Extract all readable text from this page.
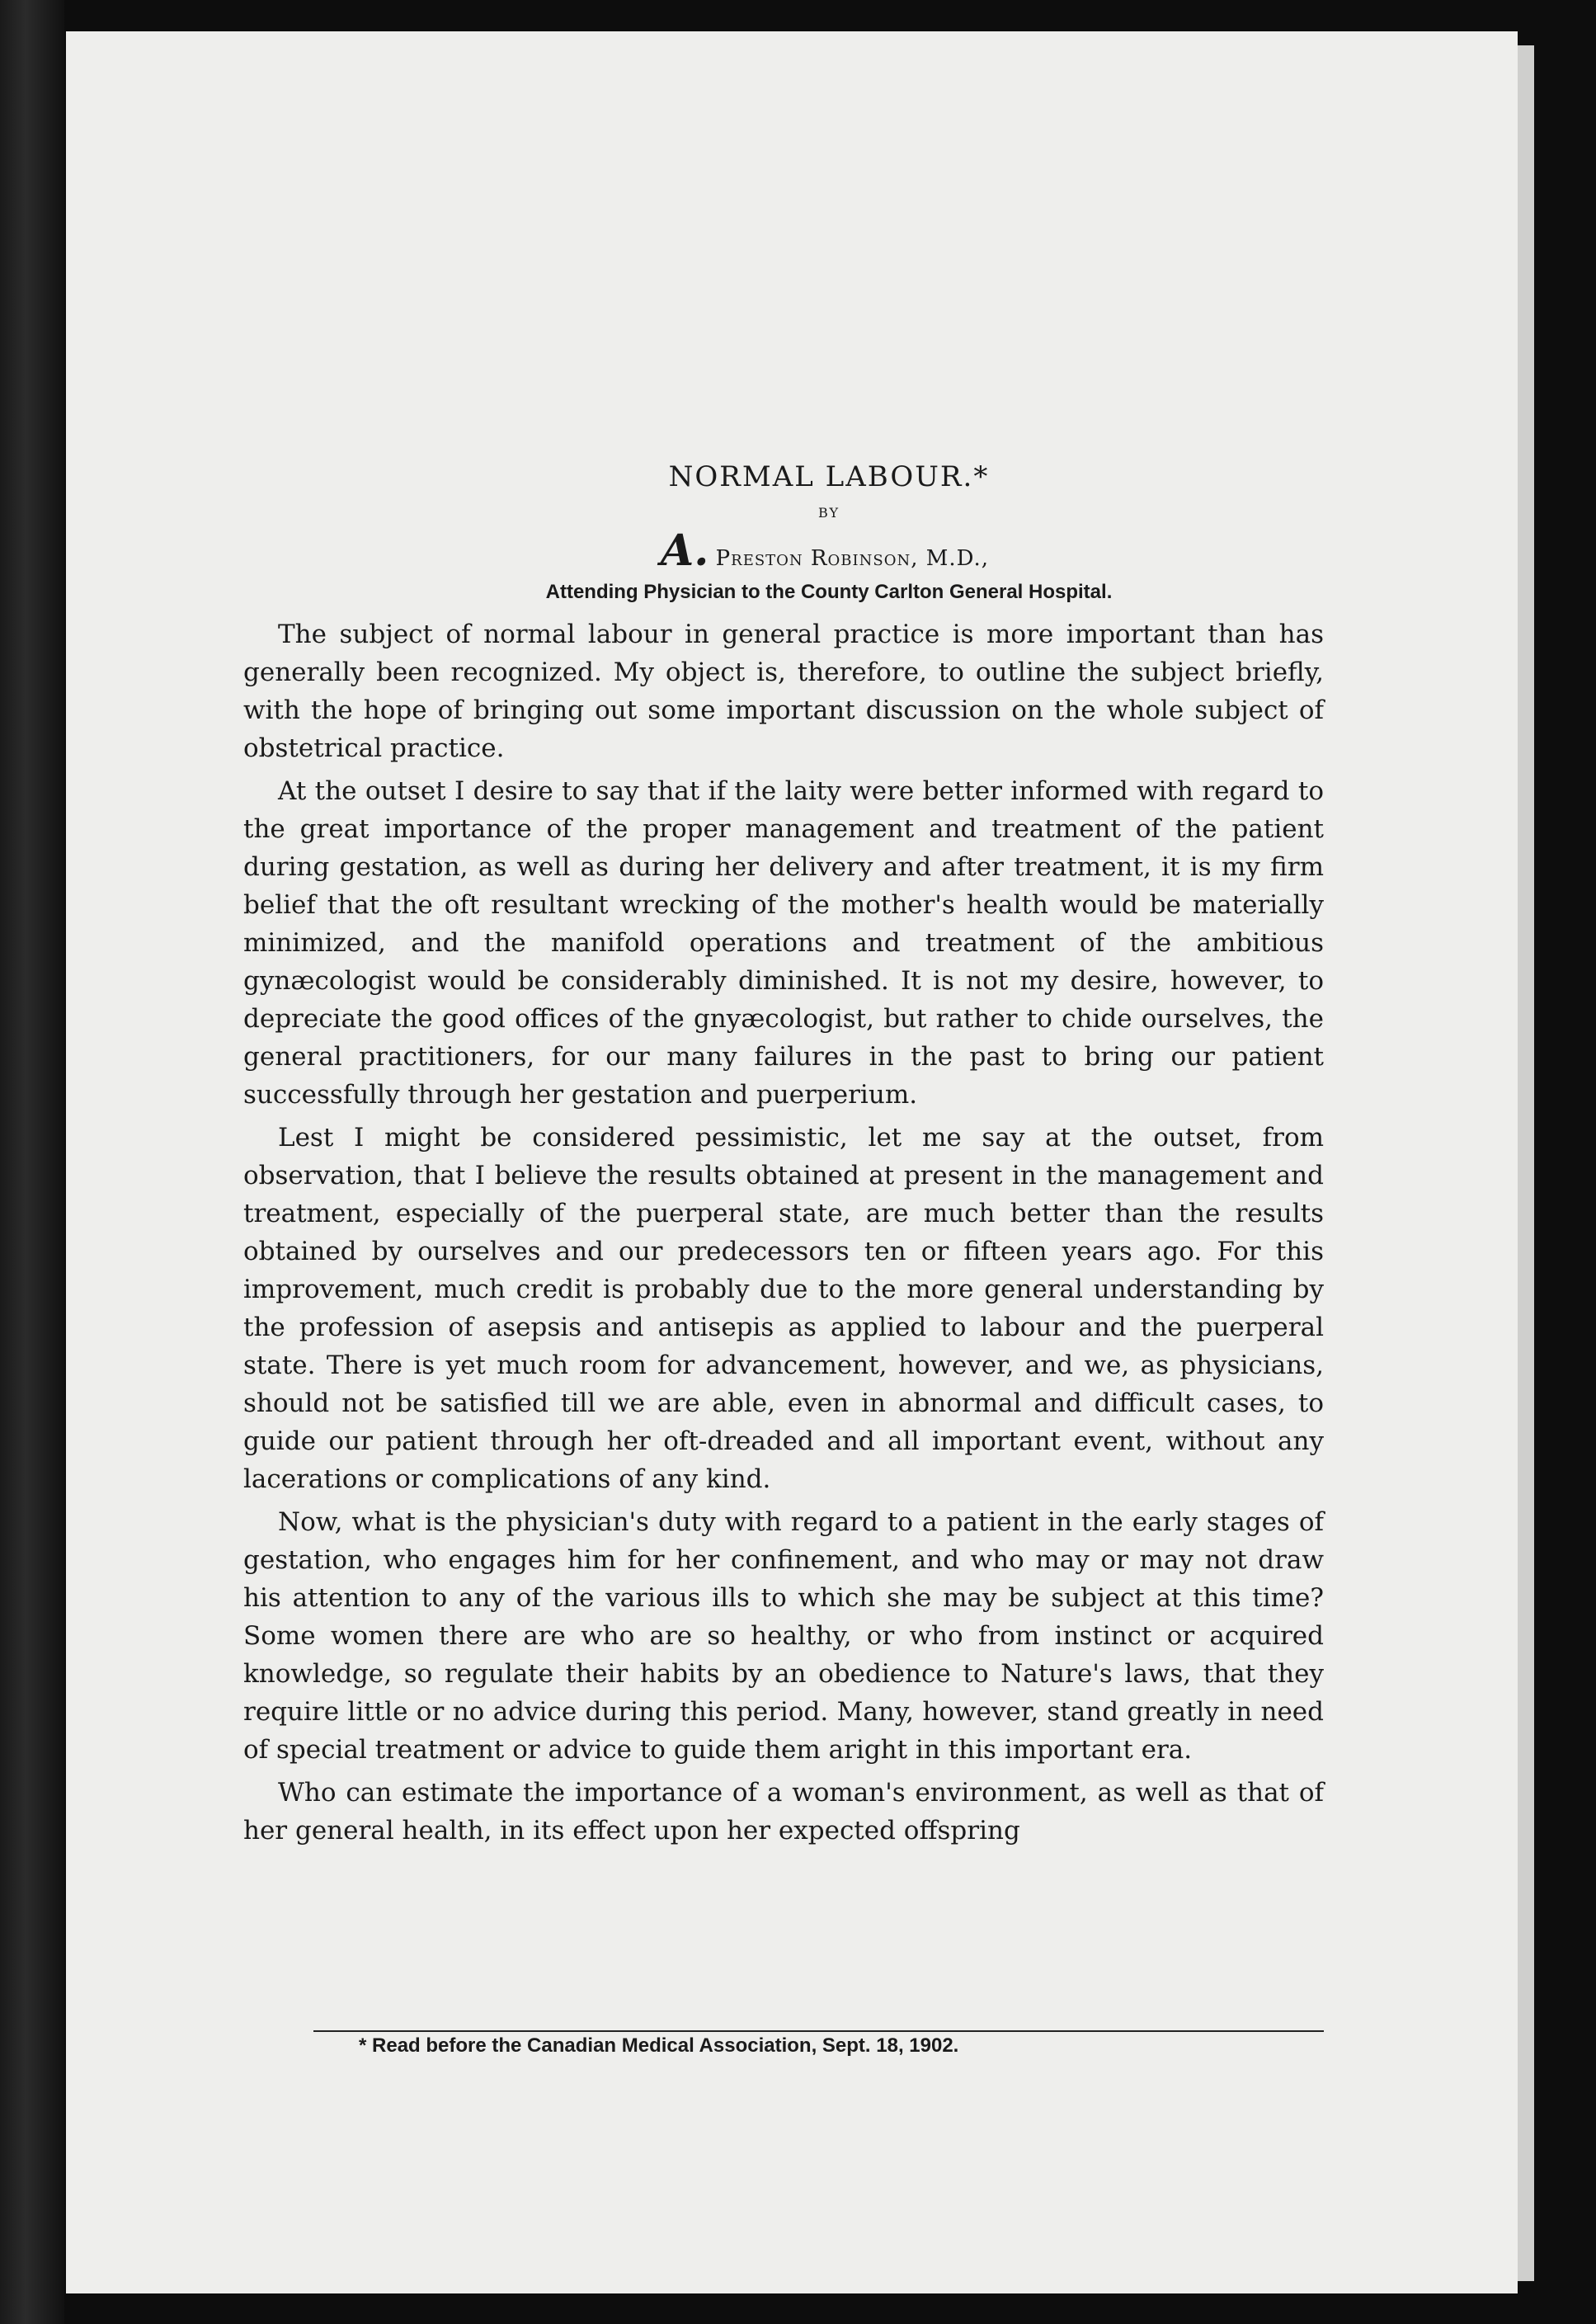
NORMAL LABOUR.*
BY
A. Preston Robinson, M.D.,
Attending Physician to the County Carlton General Hospital.

The subject of normal labour in general practice is more important than has generally been recognized. My object is, therefore, to outline the subject briefly, with the hope of bringing out some important discussion on the whole subject of obstetrical practice.

At the outset I desire to say that if the laity were better informed with regard to the great importance of the proper management and treatment of the patient during gestation, as well as during her delivery and after treatment, it is my firm belief that the oft resultant wrecking of the mother's health would be materially minimized, and the manifold operations and treatment of the ambitious gynæcologist would be considerably diminished. It is not my desire, however, to depreciate the good offices of the gnyæcologist, but rather to chide ourselves, the general practitioners, for our many failures in the past to bring our patient successfully through her gestation and puerperium.

Lest I might be considered pessimistic, let me say at the outset, from observation, that I believe the results obtained at present in the management and treatment, especially of the puerperal state, are much better than the results obtained by ourselves and our predecessors ten or fifteen years ago. For this improvement, much credit is probably due to the more general understanding by the profession of asepsis and antisepis as applied to labour and the puerperal state. There is yet much room for advancement, however, and we, as physicians, should not be satisfied till we are able, even in abnormal and difficult cases, to guide our patient through her oft-dreaded and all important event, without any lacerations or complications of any kind.

Now, what is the physician's duty with regard to a patient in the early stages of gestation, who engages him for her confinement, and who may or may not draw his attention to any of the various ills to which she may be subject at this time? Some women there are who are so healthy, or who from instinct or acquired knowledge, so regulate their habits by an obedience to Nature's laws, that they require little or no advice during this period. Many, however, stand greatly in need of special treatment or advice to guide them aright in this important era.

Who can estimate the importance of a woman's environment, as well as that of her general health, in its effect upon her expected offspring

* Read before the Canadian Medical Association, Sept. 18, 1902.
